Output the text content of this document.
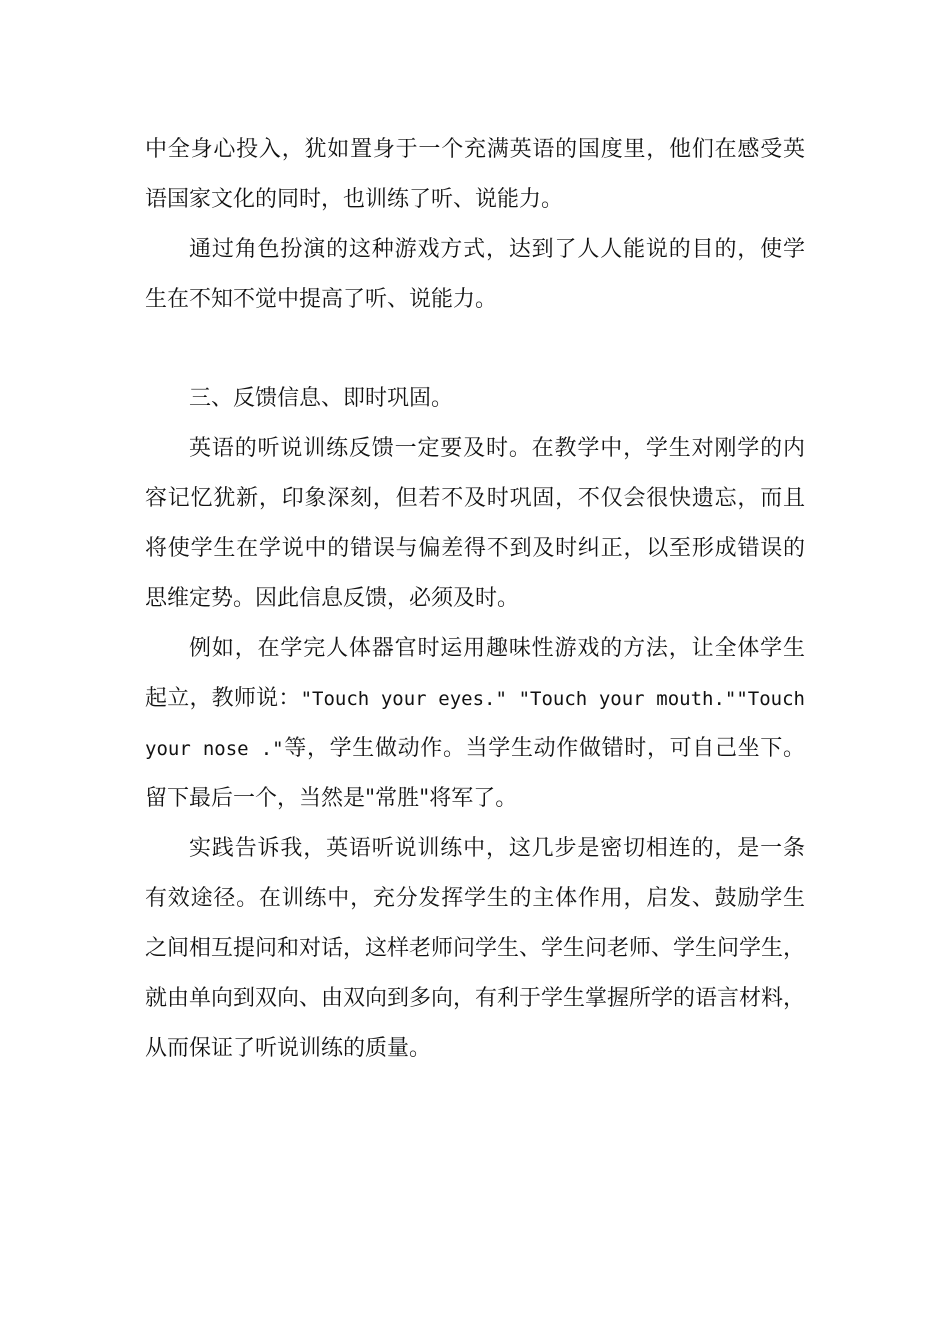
中全身心投入，犹如置身于一个充满英语的国度里，他们在感受英
语国家文化的同时，也训练了听、说能力。
通过角色扮演的这种游戏方式，达到了人人能说的目的，使学
生在不知不觉中提高了听、说能力。
三、反馈信息、即时巩固。
英语的听说训练反馈一定要及时。在教学中，学生对刚学的内
容记忆犹新，印象深刻，但若不及时巩固，不仅会很快遗忘，而且
将使学生在学说中的错误与偏差得不到及时纠正，以至形成错误的
思维定势。因此信息反馈，必须及时。
例如，在学完人体器官时运用趣味性游戏的方法，让全体学生
起立，教师说："Touch your eyes." "Touch your mouth.""Touch
your nose ."等，学生做动作。当学生动作做错时，可自己坐下。
留下最后一个，当然是"常胜"将军了。
实践告诉我，英语听说训练中，这几步是密切相连的，是一条
有效途径。在训练中，充分发挥学生的主体作用，启发、鼓励学生
之间相互提问和对话，这样老师问学生、学生问老师、学生问学生，
就由单向到双向、由双向到多向，有利于学生掌握所学的语言材料，
从而保证了听说训练的质量。
